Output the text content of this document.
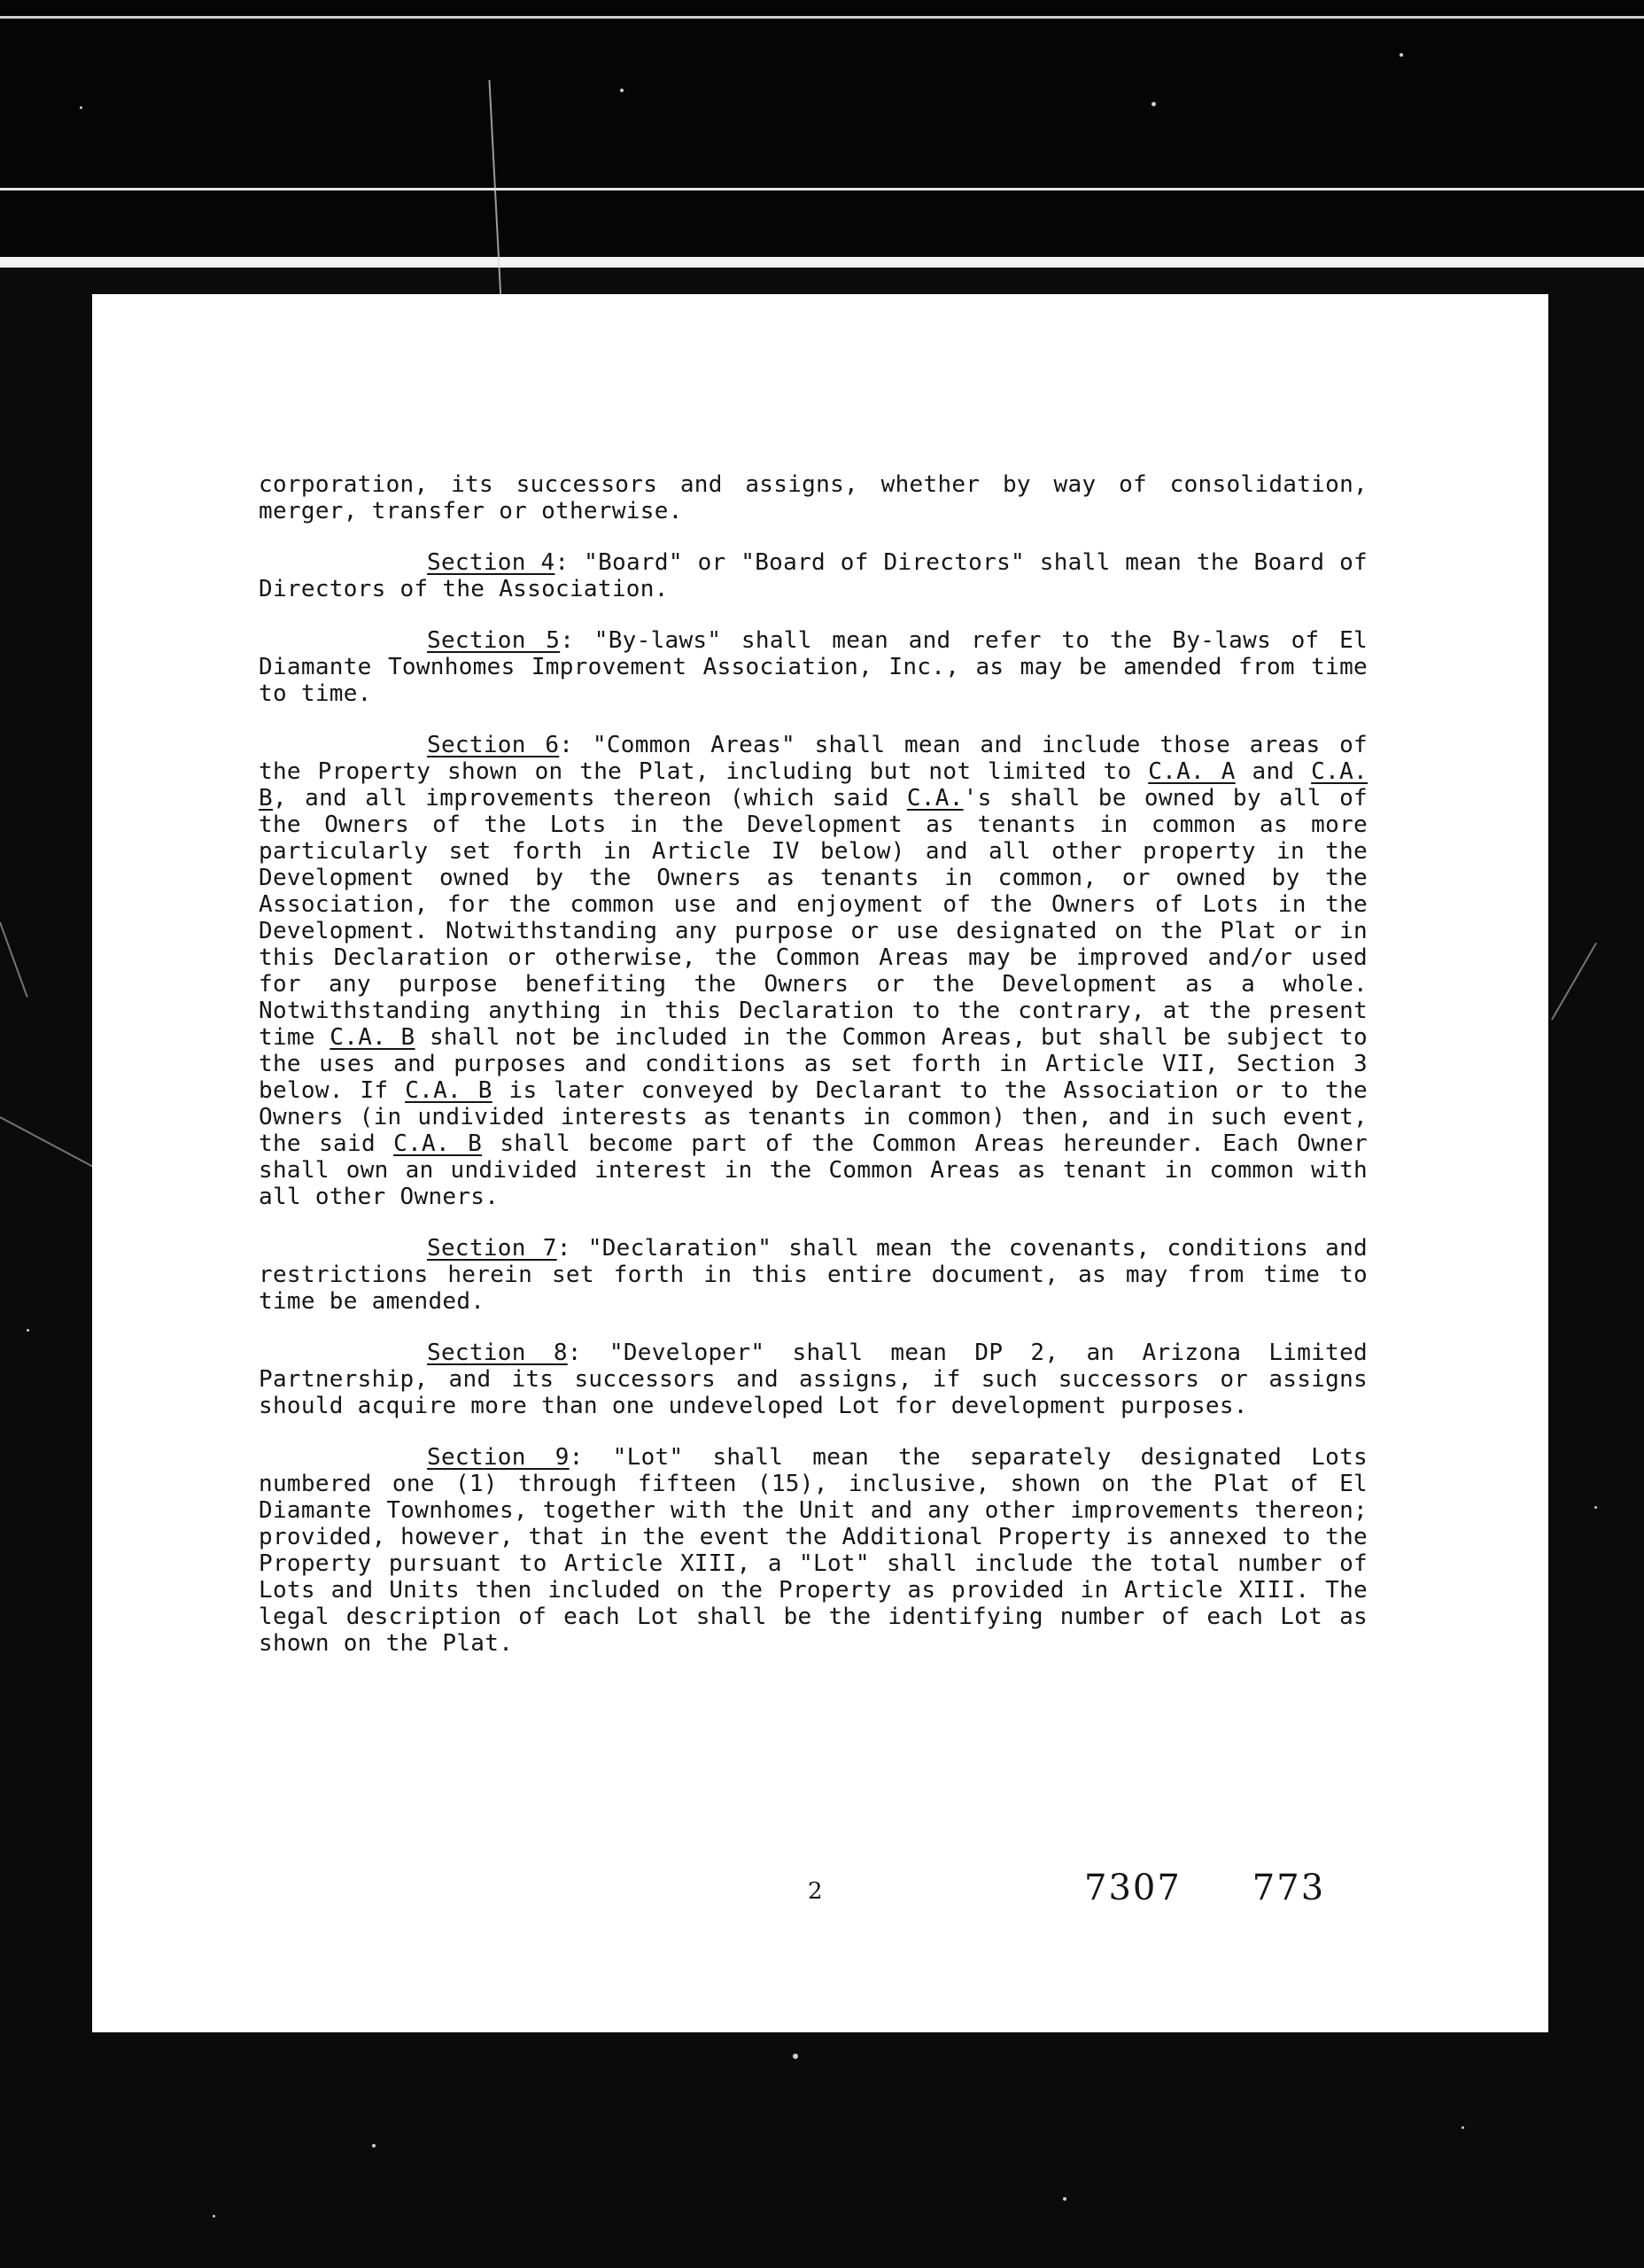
corporation, its successors and assigns, whether by way of consolidation, merger, transfer or otherwise.

Section 4: "Board" or "Board of Directors" shall mean the Board of Directors of the Association.

Section 5: "By-laws" shall mean and refer to the By-laws of El Diamante Townhomes Improvement Association, Inc., as may be amended from time to time.

Section 6: "Common Areas" shall mean and include those areas of the Property shown on the Plat, including but not limited to C.A. A and C.A. B, and all improvements thereon (which said C.A.'s shall be owned by all of the Owners of the Lots in the Development as tenants in common as more particularly set forth in Article IV below) and all other property in the Development owned by the Owners as tenants in common, or owned by the Association, for the common use and enjoyment of the Owners of Lots in the Development. Notwithstanding any purpose or use designated on the Plat or in this Declaration or otherwise, the Common Areas may be improved and/or used for any purpose benefiting the Owners or the Development as a whole. Notwithstanding anything in this Declaration to the contrary, at the present time C.A. B shall not be included in the Common Areas, but shall be subject to the uses and purposes and conditions as set forth in Article VII, Section 3 below. If C.A. B is later conveyed by Declarant to the Association or to the Owners (in undivided interests as tenants in common) then, and in such event, the said C.A. B shall become part of the Common Areas hereunder. Each Owner shall own an undivided interest in the Common Areas as tenant in common with all other Owners.

Section 7: "Declaration" shall mean the covenants, conditions and restrictions herein set forth in this entire document, as may from time to time be amended.

Section 8: "Developer" shall mean DP 2, an Arizona Limited Partnership, and its successors and assigns, if such successors or assigns should acquire more than one undeveloped Lot for development purposes.

Section 9: "Lot" shall mean the separately designated Lots numbered one (1) through fifteen (15), inclusive, shown on the Plat of El Diamante Townhomes, together with the Unit and any other improvements thereon; provided, however, that in the event the Additional Property is annexed to the Property pursuant to Article XIII, a "Lot" shall include the total number of Lots and Units then included on the Property as provided in Article XIII. The legal description of each Lot shall be the identifying number of each Lot as shown on the Plat.

2	7307 773
